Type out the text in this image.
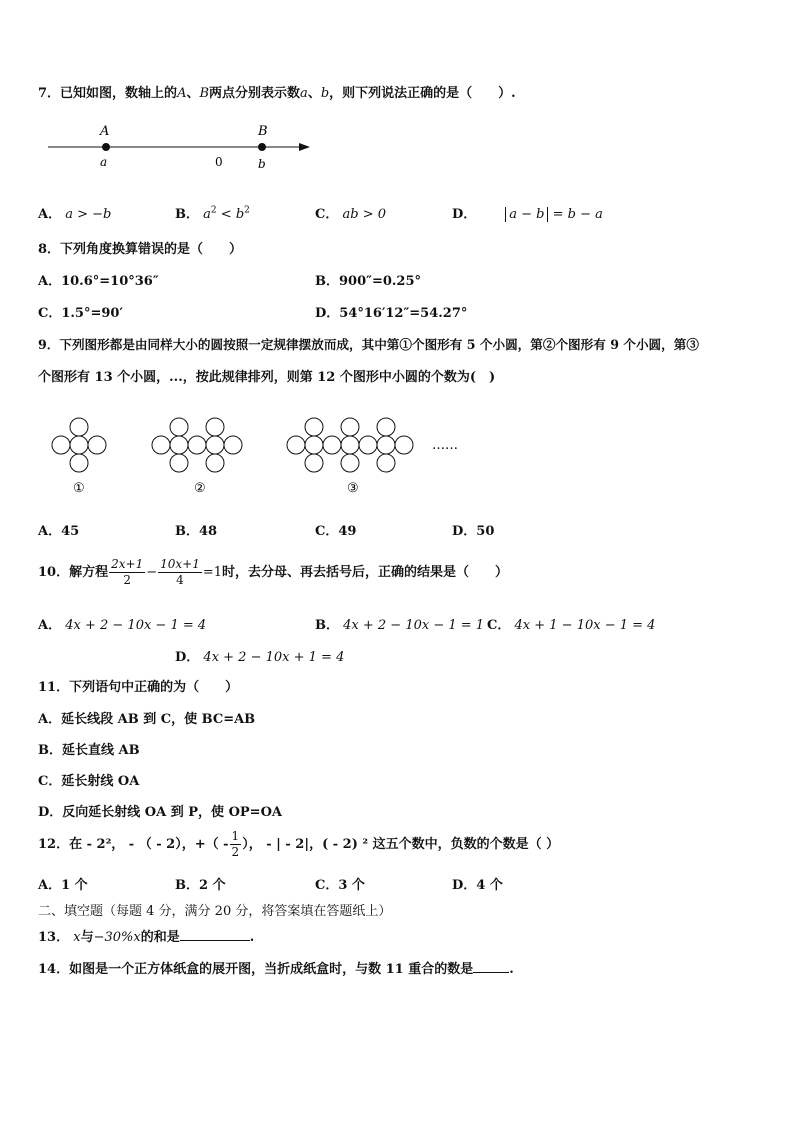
7．已知如图，数轴上的A、B两点分别表示数a、b，则下列说法正确的是（　　）.
A	B
a	0	b
A． a > −b	B． $a^2 < b^2$	C． ab > 0	D．	a − b = b − a
8．下列角度换算错误的是（　　）
A．10.6°=10°36″	B．900″=0.25°
C．1.5°=90′	D．54°16′12″=54.27°
9．下列图形都是由同样大小的圆按照一定规律摆放而成，其中第①个图形有 5 个小圆，第②个图形有 9 个小圆，第③
个图形有 13 个小圆，...，按此规律排列，则第 12 个图形中小圆的个数为(　)
①	②	③
……
A．45	B．48	C．49	D．50
10．解方程 $\frac{2x+1}{2} - \frac{10x+1}{4} =1$时，去分母、再去括号后，正确的结果是（　　）
A． 4x + 2 − 10x − 1 = 4	B． 4x + 2 − 10x − 1 = 1 C． 4x + 1 − 10x − 1 = 4
D． 4x + 2 − 10x + 1 = 4
11．下列语句中正确的为（　　）
A．延长线段 AB 到 C，使 BC=AB
B．延长直线 AB
C．延长射线 OA
D．反向延长射线 OA 到 P，使 OP=OA
12．在 - 2²， - （ - 2），+（ - $\frac{1}{2}$ ）， - | - 2|，( - 2) ² 这五个数中，负数的个数是（ ）
A．1 个	B．2 个	C．3 个	D．4 个
二、填空题（每题 4 分，满分 20 分，将答案填在答题纸上）
13． x与−30%x的和是	.
14．如图是一个正方体纸盒的展开图，当折成纸盒时，与数 11 重合的数是	.
